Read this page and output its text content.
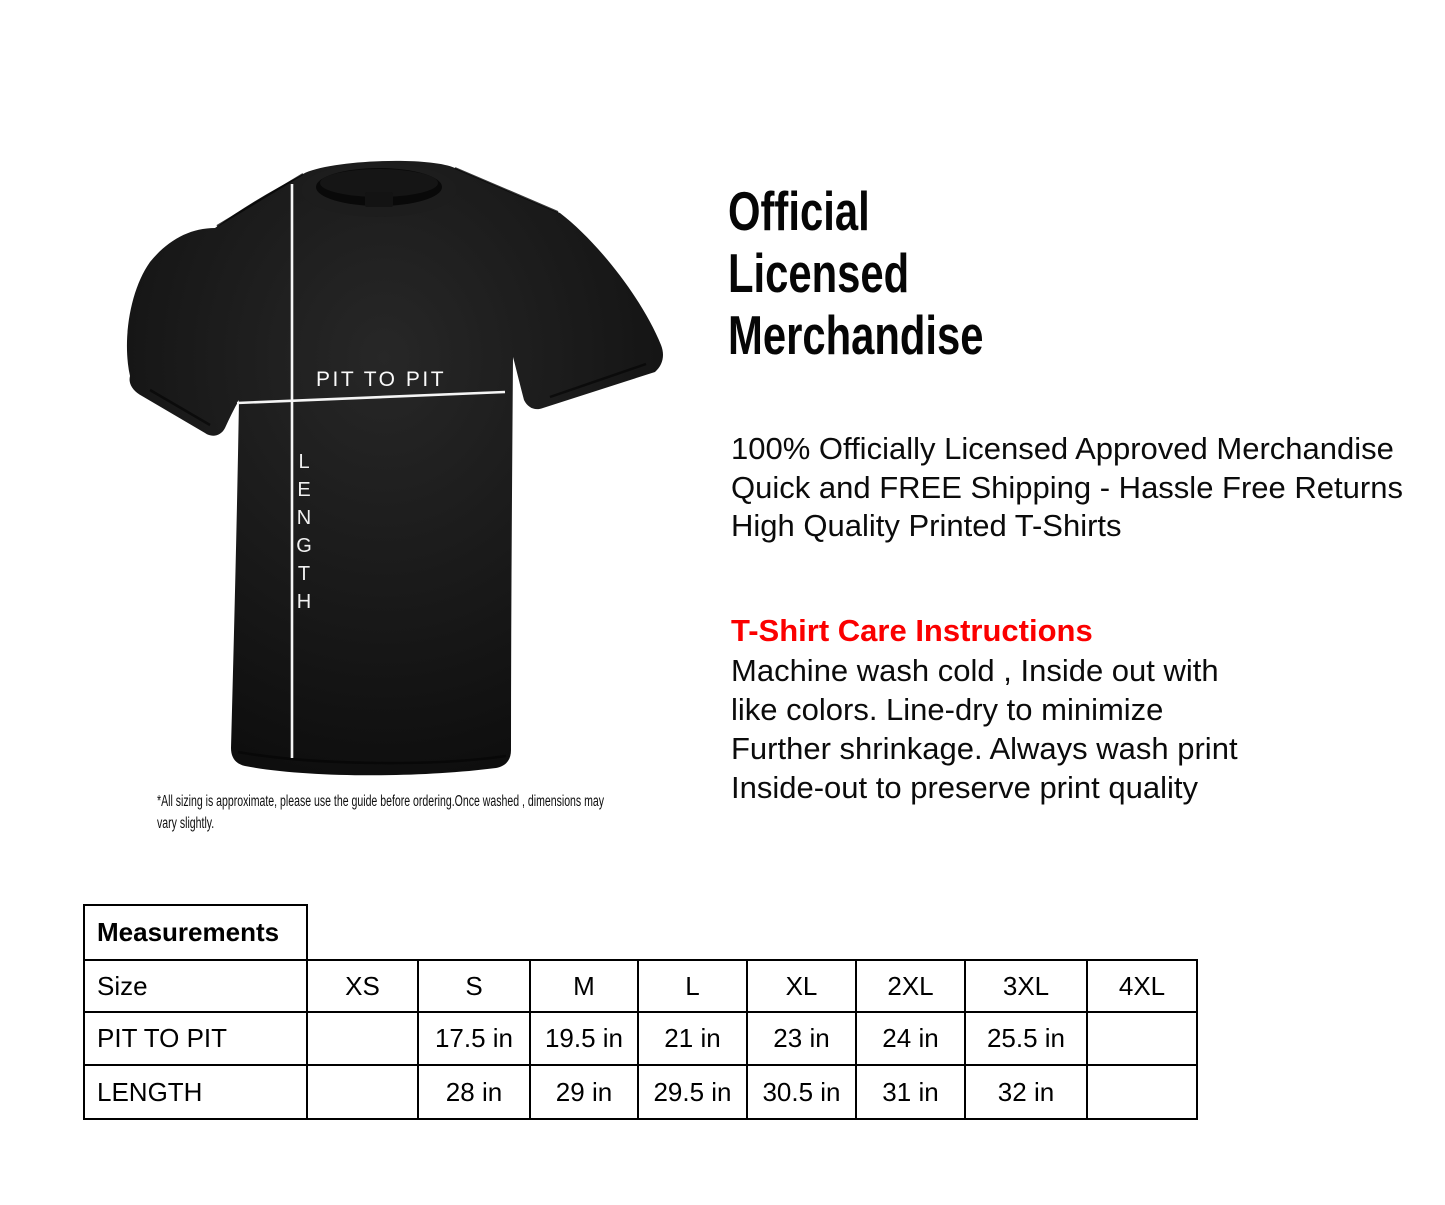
PIT TO PIT
L
E
N
G
T
H
*All sizing is approximate, please use the guide before ordering.Once washed , dimensions may
vary slightly.
Official
Licensed
Merchandise
100% Officially Licensed Approved Merchandise
Quick and FREE Shipping - Hassle Free Returns
High Quality Printed T-Shirts
T-Shirt Care Instructions
Machine wash cold , Inside out with
like colors. Line-dry to minimize
Further shrinkage. Always wash print
Inside-out to preserve print quality
Measurements
Size	XS	S	M	L	XL	2XL	3XL	4XL
PIT TO PIT		17.5 in	19.5 in	21 in	23 in	24 in	25.5 in	
LENGTH		28 in	29 in	29.5 in	30.5 in	31 in	32 in	
